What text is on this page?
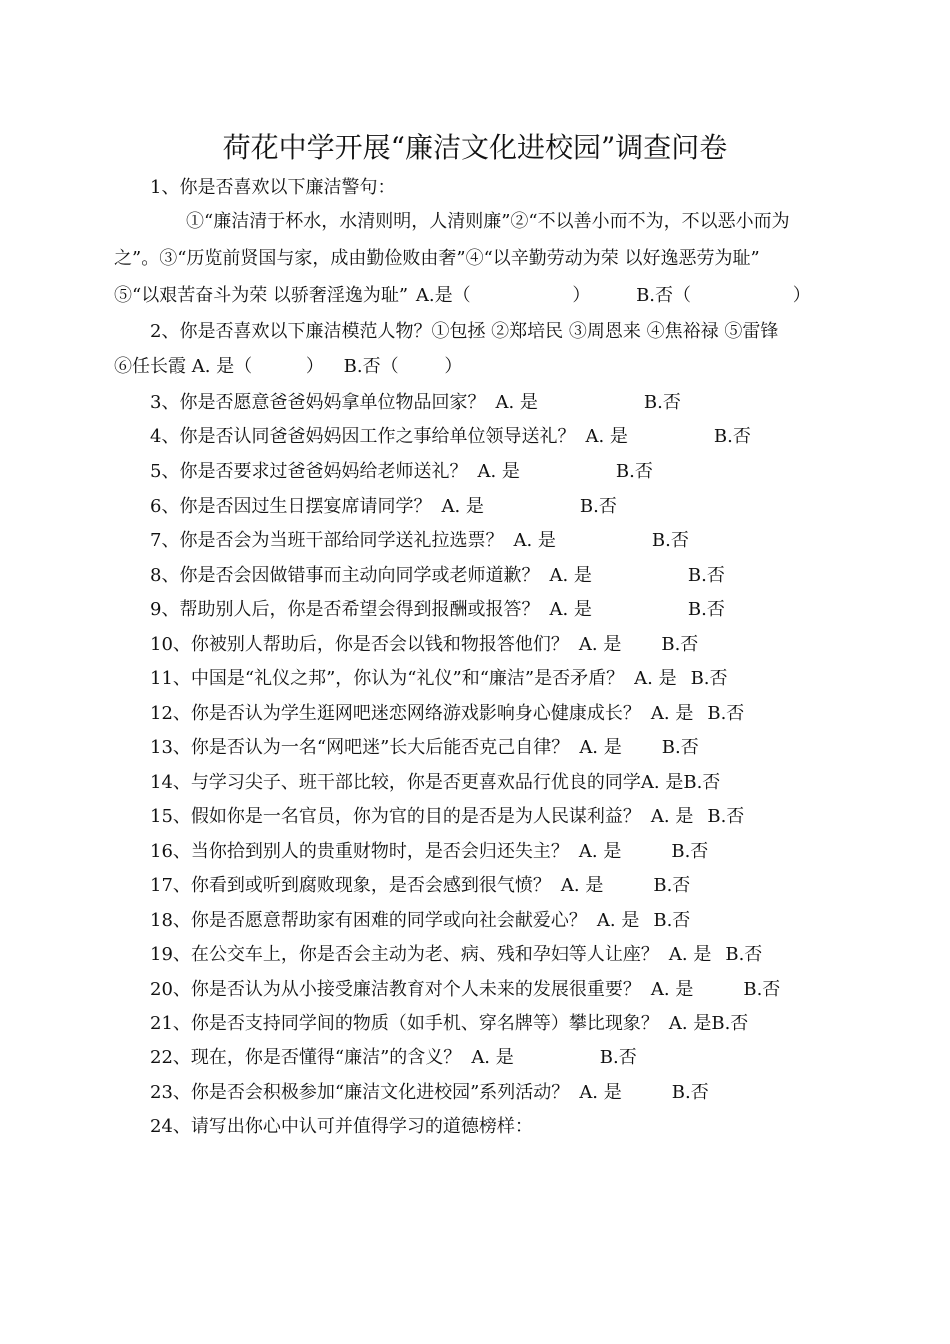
荷花中学开展“廉洁文化进校园”调查问卷
1、你是否喜欢以下廉洁警句：
①“廉洁清于杯水，水清则明，人清则廉”②“不以善小而不为，不以恶小而为
之”。③“历览前贤国与家，成由勤俭败由奢”④“以辛勤劳动为荣 以好逸恶劳为耻”
⑤“以艰苦奋斗为荣 以骄奢淫逸为耻” A.是（	）	B.否（	）
2、你是否喜欢以下廉洁模范人物？①包拯 ②郑培民 ③周恩来 ④焦裕禄 ⑤雷锋
⑥任长霞 A. 是（	） B.否（	）
3、你是否愿意爸爸妈妈拿单位物品回家？ A. 是	B.否
4、你是否认同爸爸妈妈因工作之事给单位领导送礼？ A. 是	B.否
5、你是否要求过爸爸妈妈给老师送礼？ A. 是	B.否
6、你是否因过生日摆宴席请同学？ A. 是	B.否
7、你是否会为当班干部给同学送礼拉选票？ A. 是	B.否
8、你是否会因做错事而主动向同学或老师道歉？ A. 是	B.否
9、帮助别人后，你是否希望会得到报酬或报答？ A. 是	B.否
10、你被别人帮助后，你是否会以钱和物报答他们？ A. 是 B.否
11、中国是“礼仪之邦”，你认为“礼仪”和“廉洁”是否矛盾？ A. 是 B.否
12、你是否认为学生逛网吧迷恋网络游戏影响身心健康成长？ A. 是 B.否
13、你是否认为一名“网吧迷”长大后能否克己自律？ A. 是 B.否
14、与学习尖子、班干部比较，你是否更喜欢品行优良的同学A. 是B.否
15、假如你是一名官员，你为官的目的是否是为人民谋利益？ A. 是 B.否
16、当你拾到别人的贵重财物时，是否会归还失主？ A. 是	B.否
17、你看到或听到腐败现象，是否会感到很气愤？ A. 是	B.否
18、你是否愿意帮助家有困难的同学或向社会献爱心？ A. 是 B.否
19、在公交车上，你是否会主动为老、病、残和孕妇等人让座？ A. 是 B.否
20、你是否认为从小接受廉洁教育对个人未来的发展很重要？ A. 是	B.否
21、你是否支持同学间的物质（如手机、穿名牌等）攀比现象？ A. 是B.否
22、现在，你是否懂得“廉洁”的含义？ A. 是	B.否
23、你是否会积极参加“廉洁文化进校园”系列活动？ A. 是	B.否
24、请写出你心中认可并值得学习的道德榜样：
